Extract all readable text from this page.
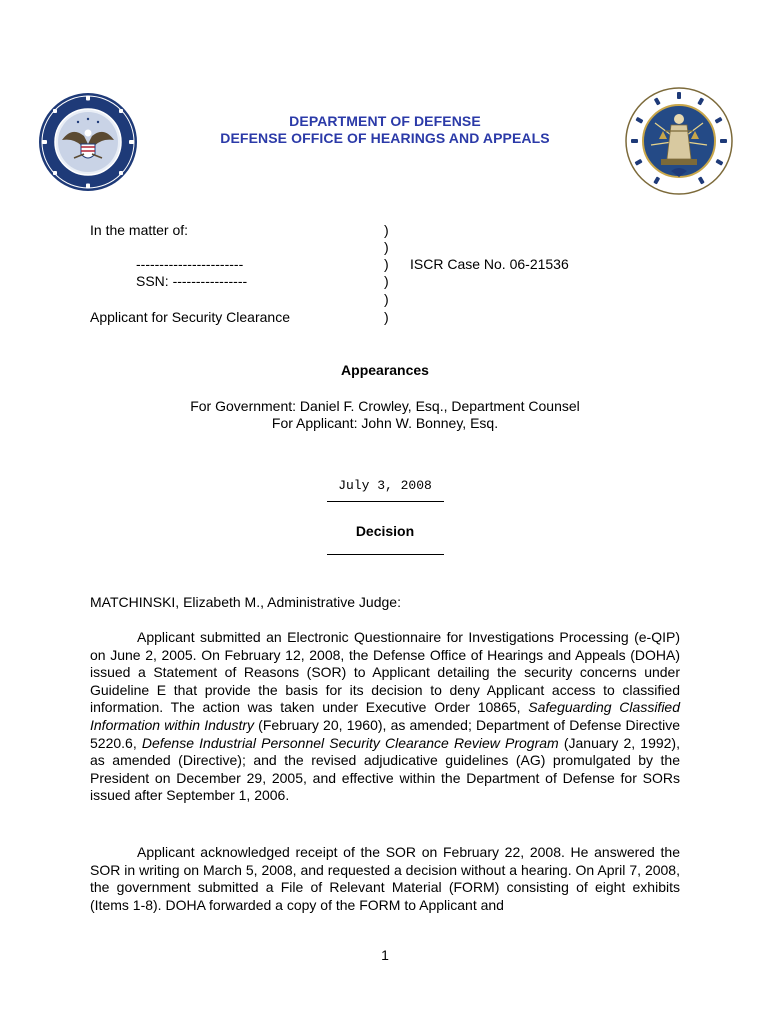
DEPARTMENT OF DEFENSE
DEFENSE OFFICE OF HEARINGS AND APPEALS
In the matter of:
-----------------------
SSN: ----------------
Applicant for Security Clearance
)
)
)
)
)
)
ISCR Case No. 06-21536
Appearances
For Government: Daniel F. Crowley, Esq., Department Counsel
For Applicant: John W. Bonney, Esq.
July 3, 2008
Decision
MATCHINSKI, Elizabeth M., Administrative Judge:

Applicant submitted an Electronic Questionnaire for Investigations Processing (e-QIP) on June 2, 2005. On February 12, 2008, the Defense Office of Hearings and Appeals (DOHA) issued a Statement of Reasons (SOR) to Applicant detailing the security concerns under Guideline E that provide the basis for its decision to deny Applicant access to classified information. The action was taken under Executive Order 10865, Safeguarding Classified Information within Industry (February 20, 1960), as amended; Department of Defense Directive 5220.6, Defense Industrial Personnel Security Clearance Review Program (January 2, 1992), as amended (Directive); and the revised adjudicative guidelines (AG) promulgated by the President on December 29, 2005, and effective within the Department of Defense for SORs issued after September 1, 2006.

Applicant acknowledged receipt of the SOR on February 22, 2008. He answered the SOR in writing on March 5, 2008, and requested a decision without a hearing. On April 7, 2008, the government submitted a File of Relevant Material (FORM) consisting of eight exhibits (Items 1-8). DOHA forwarded a copy of the FORM to Applicant and

1
